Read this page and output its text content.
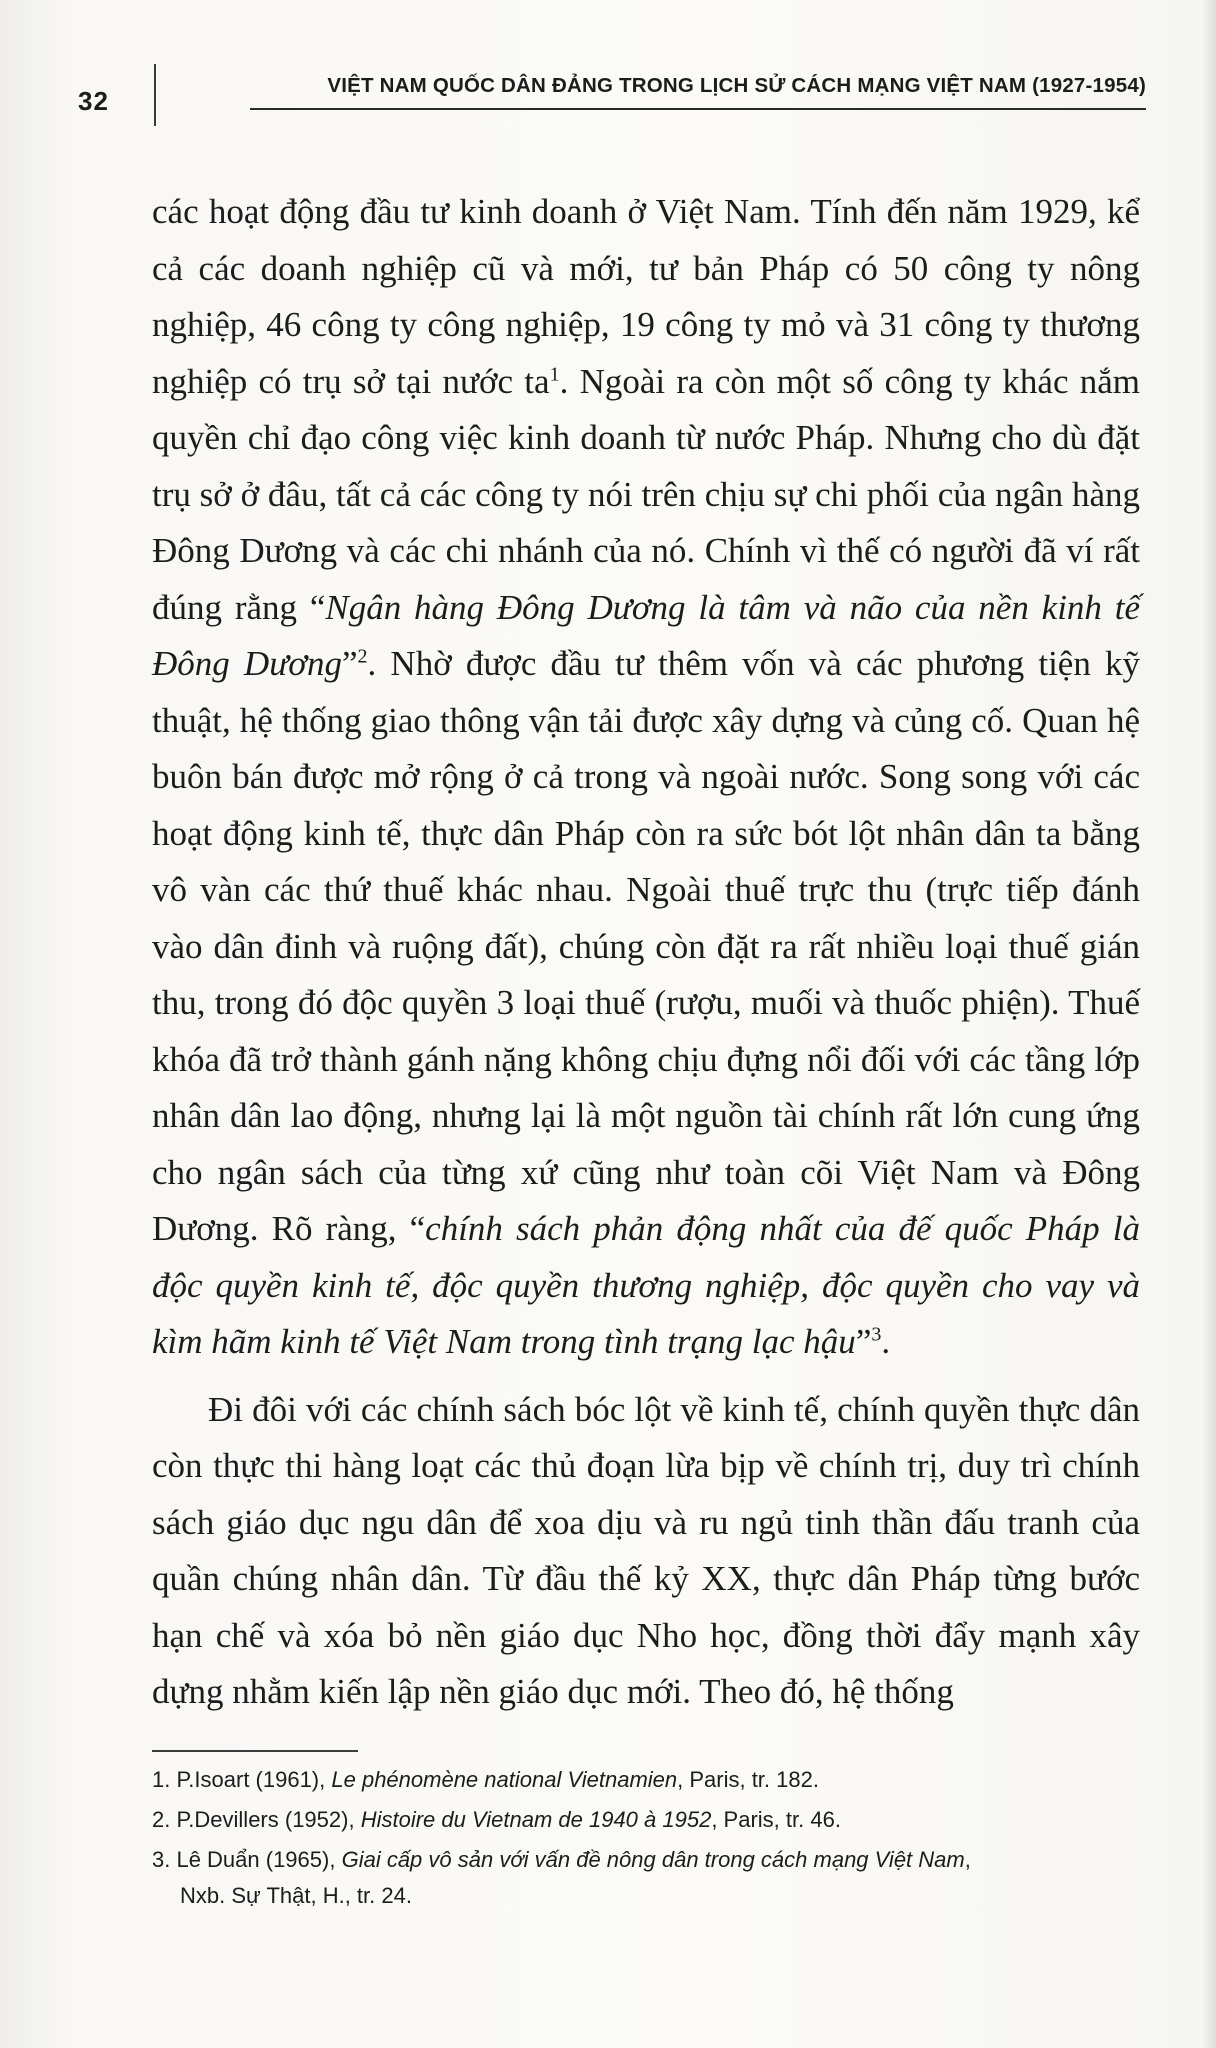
32
VIỆT NAM QUỐC DÂN ĐẢNG TRONG LỊCH SỬ CÁCH MẠNG VIỆT NAM (1927-1954)

các hoạt động đầu tư kinh doanh ở Việt Nam. Tính đến năm 1929, kể cả các doanh nghiệp cũ và mới, tư bản Pháp có 50 công ty nông nghiệp, 46 công ty công nghiệp, 19 công ty mỏ và 31 công ty thương nghiệp có trụ sở tại nước $ta^1$. Ngoài ra còn một số công ty khác nắm quyền chỉ đạo công việc kinh doanh từ nước Pháp. Nhưng cho dù đặt trụ sở ở đâu, tất cả các công ty nói trên chịu sự chi phối của ngân hàng Đông Dương và các chi nhánh của nó. Chính vì thế có người đã ví rất đúng rằng “Ngân hàng Đông Dương là tâm và não của nền kinh tế Đông Dương”$^2$. Nhờ được đầu tư thêm vốn và các phương tiện kỹ thuật, hệ thống giao thông vận tải được xây dựng và củng cố. Quan hệ buôn bán được mở rộng ở cả trong và ngoài nước. Song song với các hoạt động kinh tế, thực dân Pháp còn ra sức bót lột nhân dân ta bằng vô vàn các thứ thuế khác nhau. Ngoài thuế trực thu (trực tiếp đánh vào dân đinh và ruộng đất), chúng còn đặt ra rất nhiều loại thuế gián thu, trong đó độc quyền 3 loại thuế (rượu, muối và thuốc phiện). Thuế khóa đã trở thành gánh nặng không chịu đựng nổi đối với các tầng lớp nhân dân lao động, nhưng lại là một nguồn tài chính rất lớn cung ứng cho ngân sách của từng xứ cũng như toàn cõi Việt Nam và Đông Dương. Rõ ràng, “chính sách phản động nhất của đế quốc Pháp là độc quyền kinh tế, độc quyền thương nghiệp, độc quyền cho vay và kìm hãm kinh tế Việt Nam trong tình trạng lạc hậu”$^3$.

Đi đôi với các chính sách bóc lột về kinh tế, chính quyền thực dân còn thực thi hàng loạt các thủ đoạn lừa bịp về chính trị, duy trì chính sách giáo dục ngu dân để xoa dịu và ru ngủ tinh thần đấu tranh của quần chúng nhân dân. Từ đầu thế kỷ XX, thực dân Pháp từng bước hạn chế và xóa bỏ nền giáo dục Nho học, đồng thời đẩy mạnh xây dựng nhằm kiến lập nền giáo dục mới. Theo đó, hệ thống

1. P.Isoart (1961), Le phénomène national Vietnamien, Paris, tr. 182.
2. P.Devillers (1952), Histoire du Vietnam de 1940 à 1952, Paris, tr. 46.
3. Lê Duẩn (1965), Giai cấp vô sản với vấn đề nông dân trong cách mạng Việt Nam,
Nxb. Sự Thật, H., tr. 24.
